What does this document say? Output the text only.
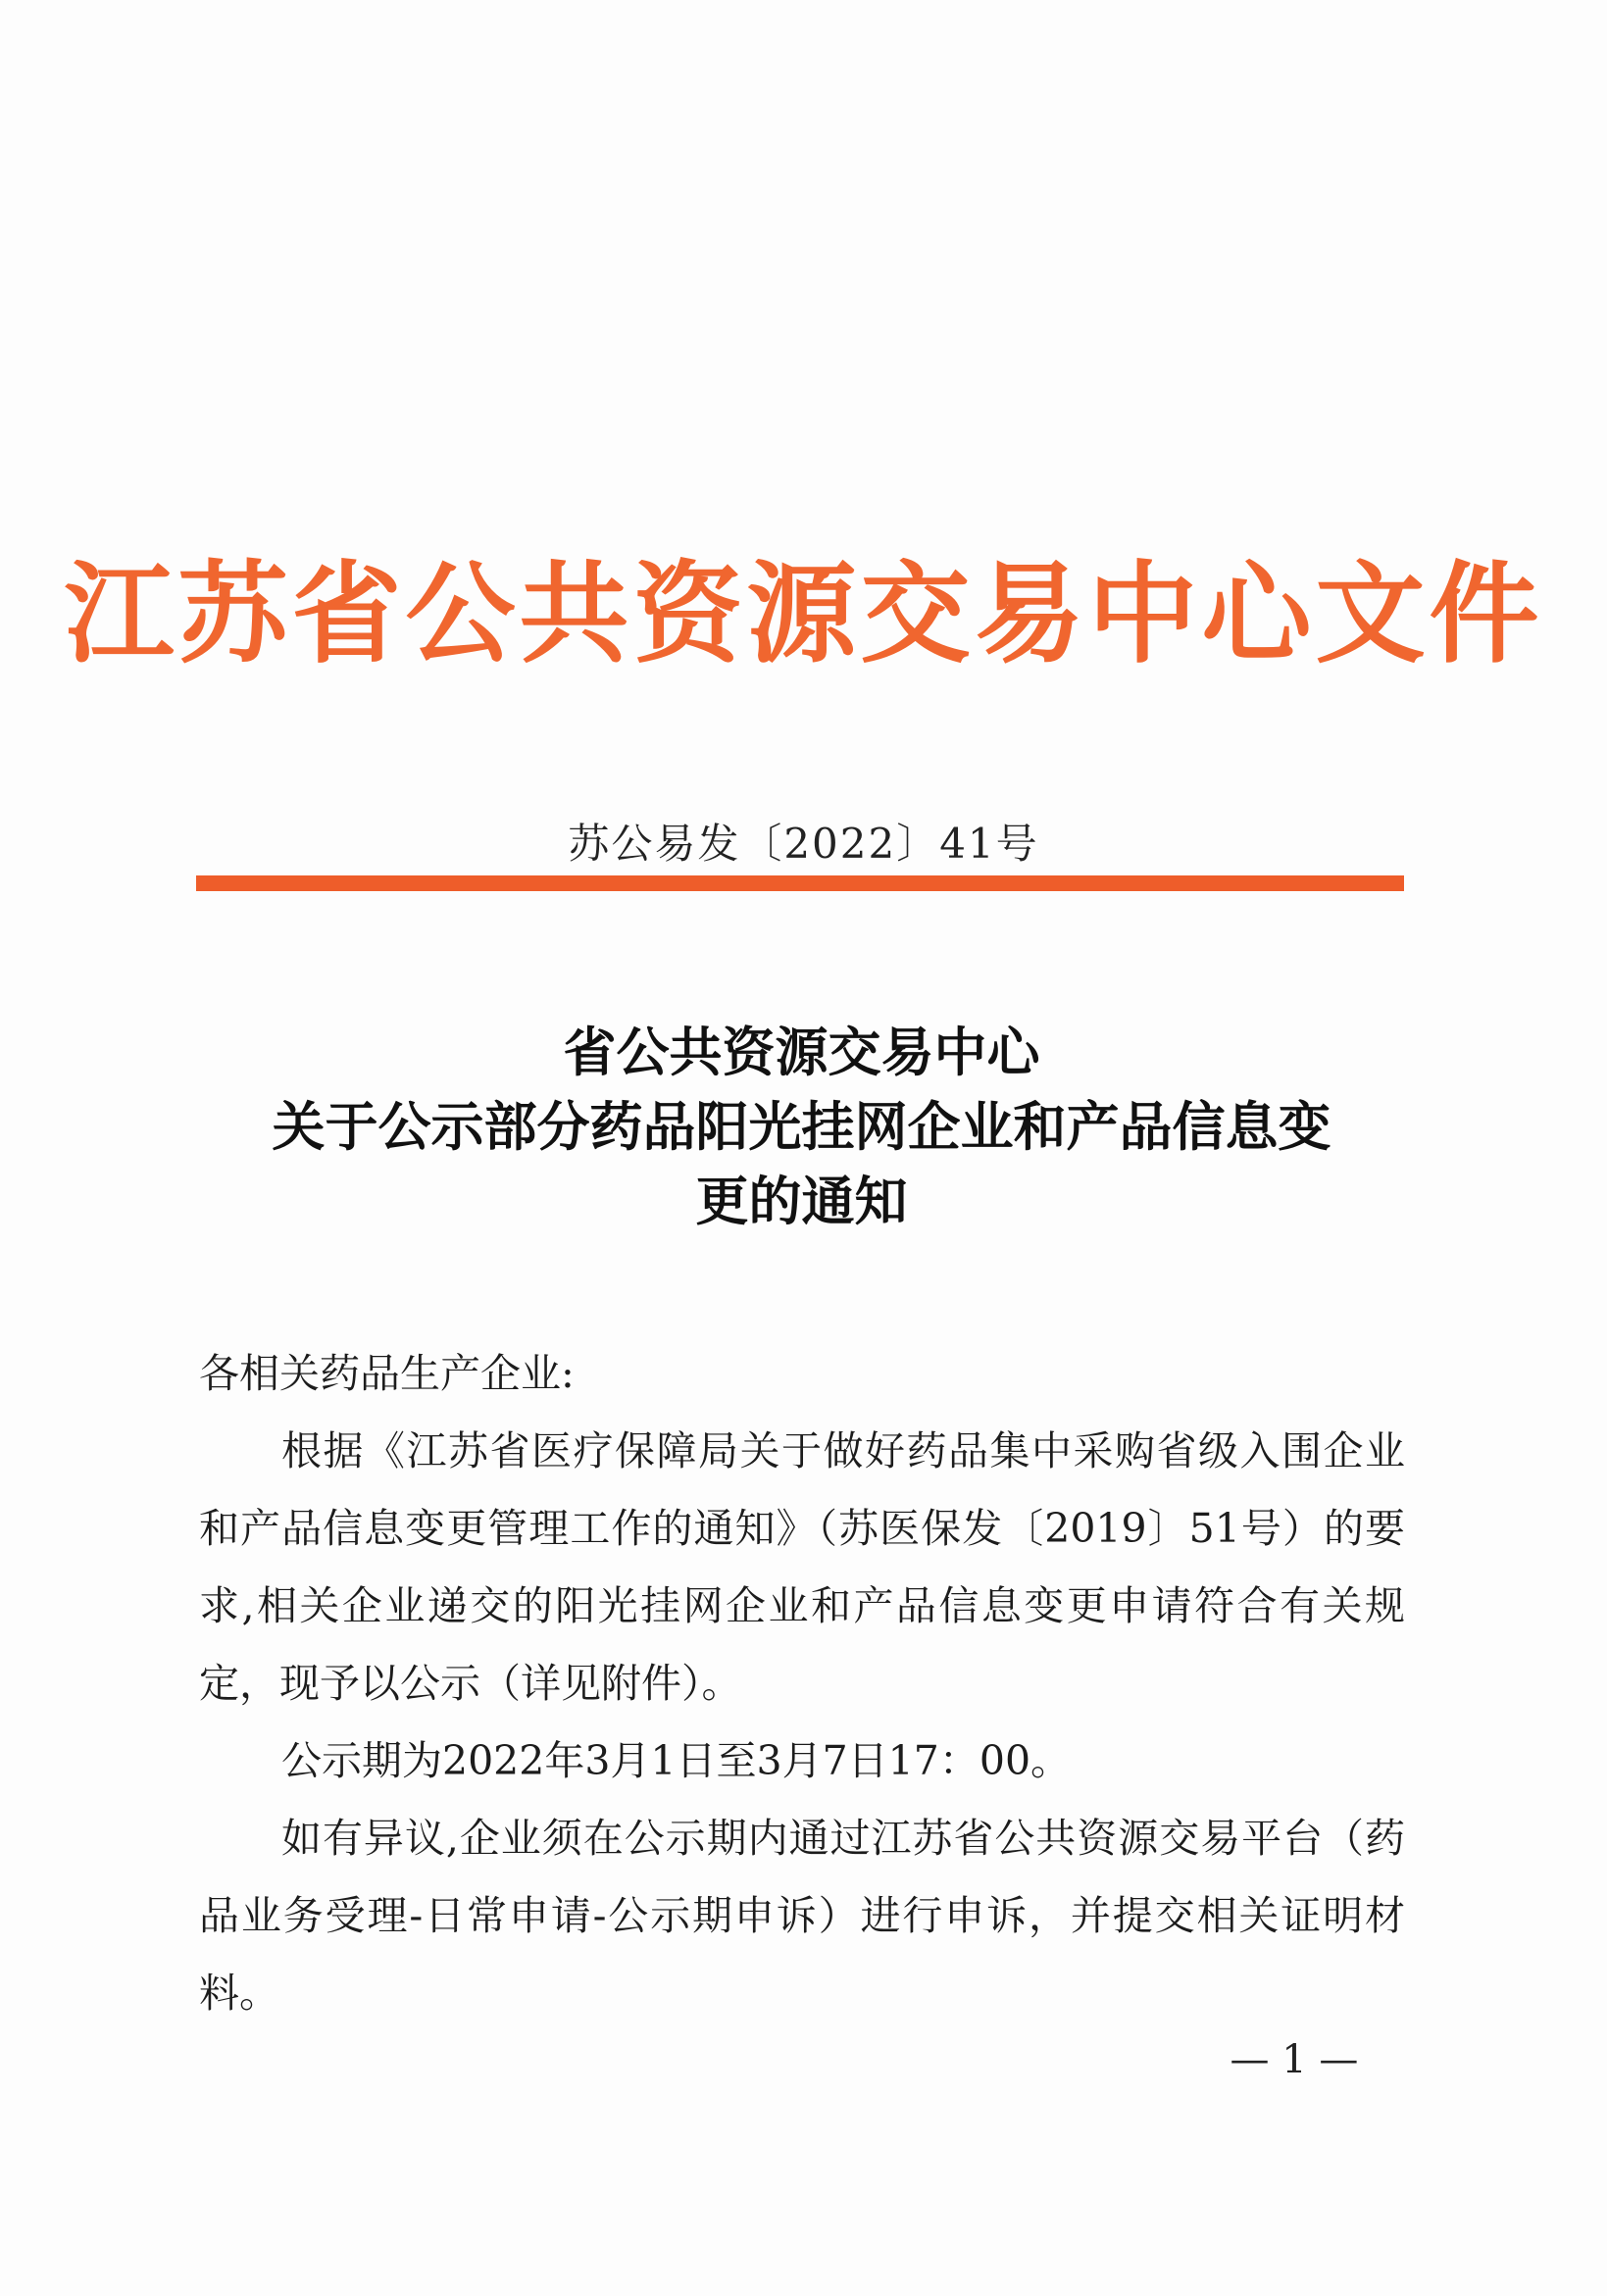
江苏省公共资源交易中心文件
苏公易发〔2022〕41号
省公共资源交易中心
关于公示部分药品阳光挂网企业和产品信息变
更的通知

各相关药品生产企业:

根据《江苏省医疗保障局关于做好药品集中采购省级入围企业和产品信息变更管理工作的通知》（苏医保发〔2019〕51号）的要求,相关企业递交的阳光挂网企业和产品信息变更申请符合有关规定，现予以公示（详见附件）。

公示期为2022年3月1日至3月7日17：00。

如有异议,企业须在公示期内通过江苏省公共资源交易平台（药品业务受理-日常申请-公示期申诉）进行申诉，并提交相关证明材料。

— 1 —
